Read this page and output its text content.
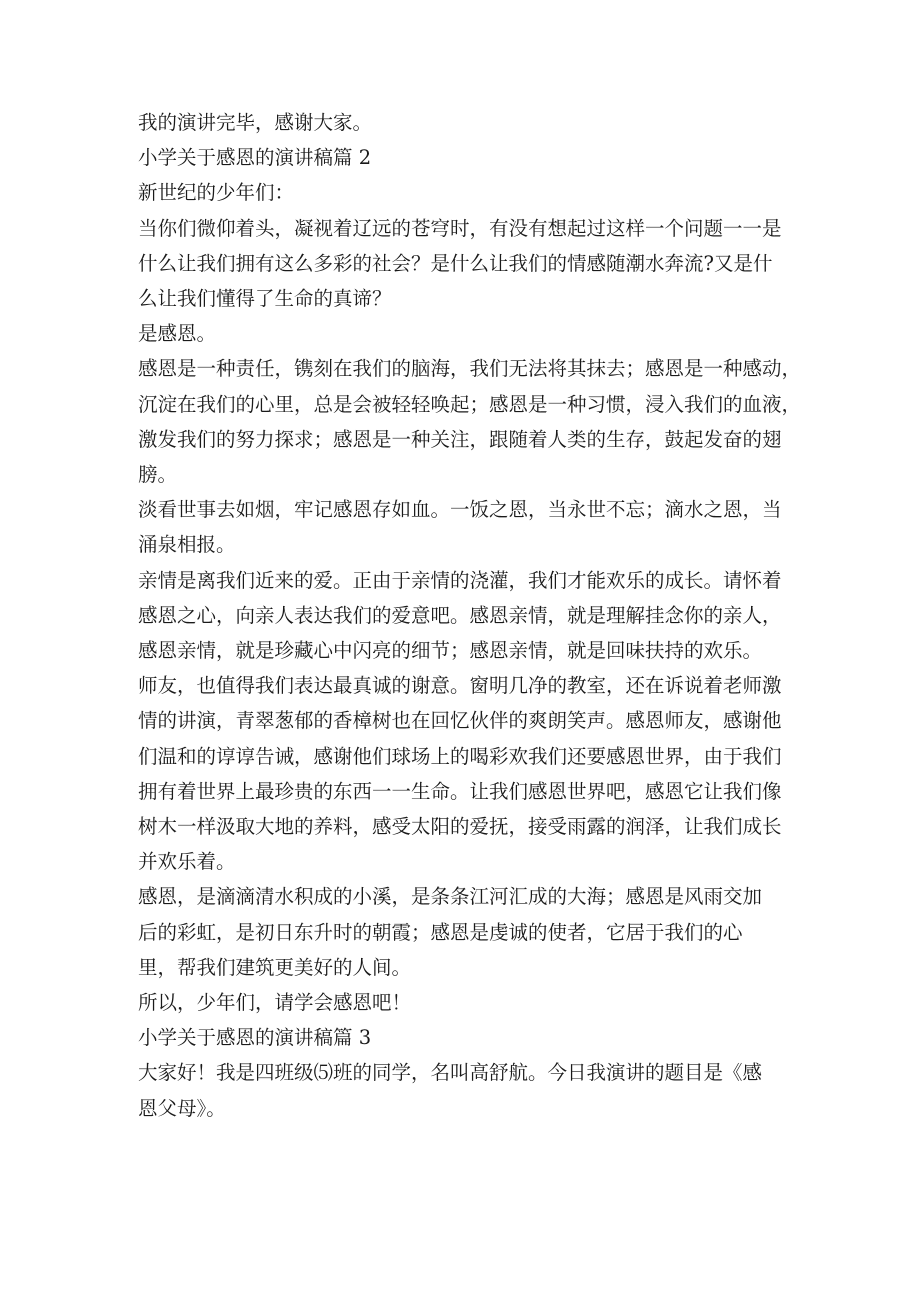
我的演讲完毕，感谢大家。

小学关于感恩的演讲稿篇 2

新世纪的少年们：

当你们微仰着头，凝视着辽远的苍穹时，有没有想起过这样一个问题一一是

什么让我们拥有这么多彩的社会？是什么让我们的情感随潮水奔流?又是什

么让我们懂得了生命的真谛？

是感恩。

感恩是一种责任，镌刻在我们的脑海，我们无法将其抹去；感恩是一种感动，

沉淀在我们的心里，总是会被轻轻唤起；感恩是一种习惯，浸入我们的血液，

激发我们的努力探求；感恩是一种关注，跟随着人类的生存，鼓起发奋的翅

膀。

淡看世事去如烟，牢记感恩存如血。一饭之恩，当永世不忘；滴水之恩，当

涌泉相报。

亲情是离我们近来的爱。正由于亲情的浇灌，我们才能欢乐的成长。请怀着

感恩之心，向亲人表达我们的爱意吧。感恩亲情，就是理解挂念你的亲人，

感恩亲情，就是珍藏心中闪亮的细节；感恩亲情，就是回味扶持的欢乐。

师友，也值得我们表达最真诚的谢意。窗明几净的教室，还在诉说着老师激

情的讲演，青翠葱郁的香樟树也在回忆伙伴的爽朗笑声。感恩师友，感谢他

们温和的谆谆告诫，感谢他们球场上的喝彩欢我们还要感恩世界，由于我们

拥有着世界上最珍贵的东西一一生命。让我们感恩世界吧，感恩它让我们像

树木一样汲取大地的养料，感受太阳的爱抚，接受雨露的润泽，让我们成长

并欢乐着。

感恩，是滴滴清水积成的小溪，是条条江河汇成的大海；感恩是风雨交加

后的彩虹，是初日东升时的朝霞；感恩是虔诚的使者，它居于我们的心

里，帮我们建筑更美好的人间。

所以，少年们，请学会感恩吧！

小学关于感恩的演讲稿篇 3

大家好！我是四班级⑸班的同学，名叫高舒航。今日我演讲的题目是《感

恩父母》。
